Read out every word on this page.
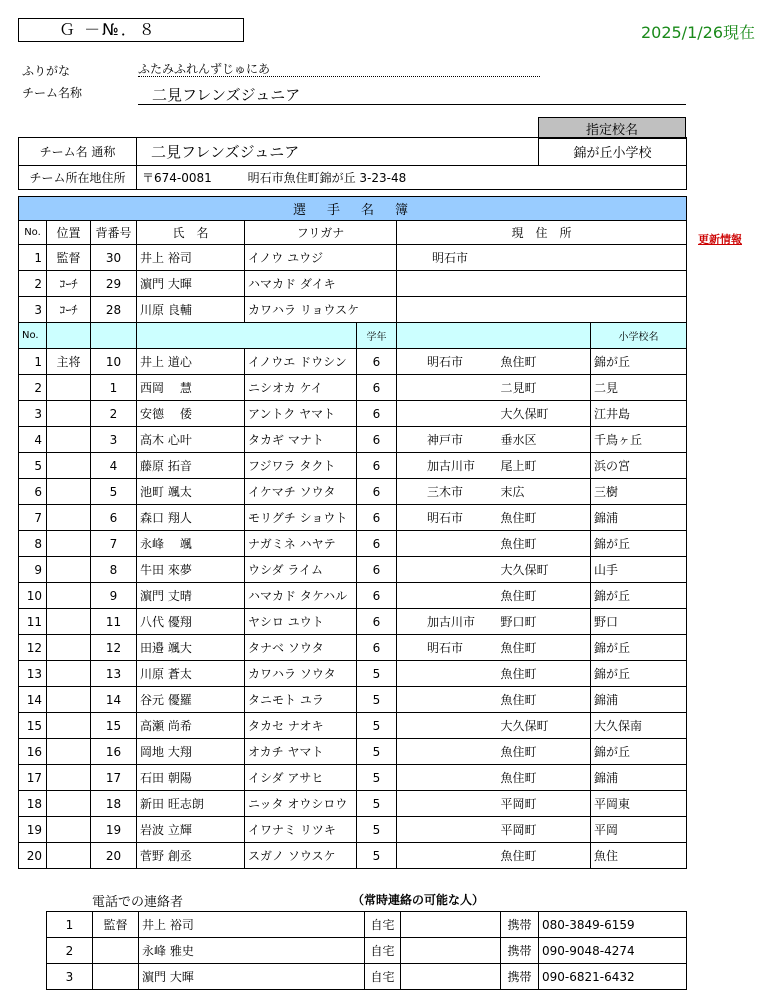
Ｇ －№．８	2025/1/26現在
ふりがな	ふたみふれんずじゅにあ
チーム名称	二見フレンズジュニア
指定校名
チーム名 通称	二見フレンズジュニア	錦が丘小学校
チーム所在地住所	〒674-0081 明石市魚住町錦が丘 3-23-48	
更新情報
選　手　名　簿								
No.	位置	背番号	氏　名	フリガナ		現　住　所		
1	監督	30	井上 裕司	イノウ ユウジ		明石市		
2	ｺｰﾁ	29	濵門 大暉	ハマカド ダイキ				
3	ｺｰﾁ	28	川原 良輔	カワハラ リョウスケ				
No.					学年			小学校名
1	主将	10	井上 道心	イノウエ ドウシン	6	明石市	魚住町	錦が丘
2		1	西岡　 慧	ニシオカ ケイ	6		二見町	二見
3		2	安德　 倭	アントク ヤマト	6		大久保町	江井島
4		3	高木 心叶	タカギ マナト	6	神戸市	垂水区	千鳥ヶ丘
5		4	藤原 拓音	フジワラ タクト	6	加古川市	尾上町	浜の宮
6		5	池町 颯太	イケマチ ソウタ	6	三木市	末広	三樹
7		6	森口 翔人	モリグチ ショウト	6	明石市	魚住町	錦浦
8		7	永峰　 颯	ナガミネ ハヤテ	6		魚住町	錦が丘
9		8	牛田 來夢	ウシダ ライム	6		大久保町	山手
10		9	濵門 丈晴	ハマカド タケハル	6		魚住町	錦が丘
11		11	八代 優翔	ヤシロ ユウト	6	加古川市	野口町	野口
12		12	田邉 颯大	タナベ ソウタ	6	明石市	魚住町	錦が丘
13		13	川原 蒼太	カワハラ ソウタ	5		魚住町	錦が丘
14		14	谷元 優羅	タニモト ユラ	5		魚住町	錦浦
15		15	高瀬 尚希	タカセ ナオキ	5		大久保町	大久保南
16		16	岡地 大翔	オカチ ヤマト	5		魚住町	錦が丘
17		17	石田 朝陽	イシダ アサヒ	5		魚住町	錦浦
18		18	新田 旺志朗	ニッタ オウシロウ	5		平岡町	平岡東
19		19	岩波 立輝	イワナミ リツキ	5		平岡町	平岡
20		20	菅野 創丞	スガノ ソウスケ	5		魚住町	魚住
電話での連絡者	（常時連絡の可能な人）
1	監督	井上 裕司	自宅		携帯	080-3849-6159
2		永峰 雅史	自宅		携帯	090-9048-4274
3		濵門 大暉	自宅		携帯	090-6821-6432
